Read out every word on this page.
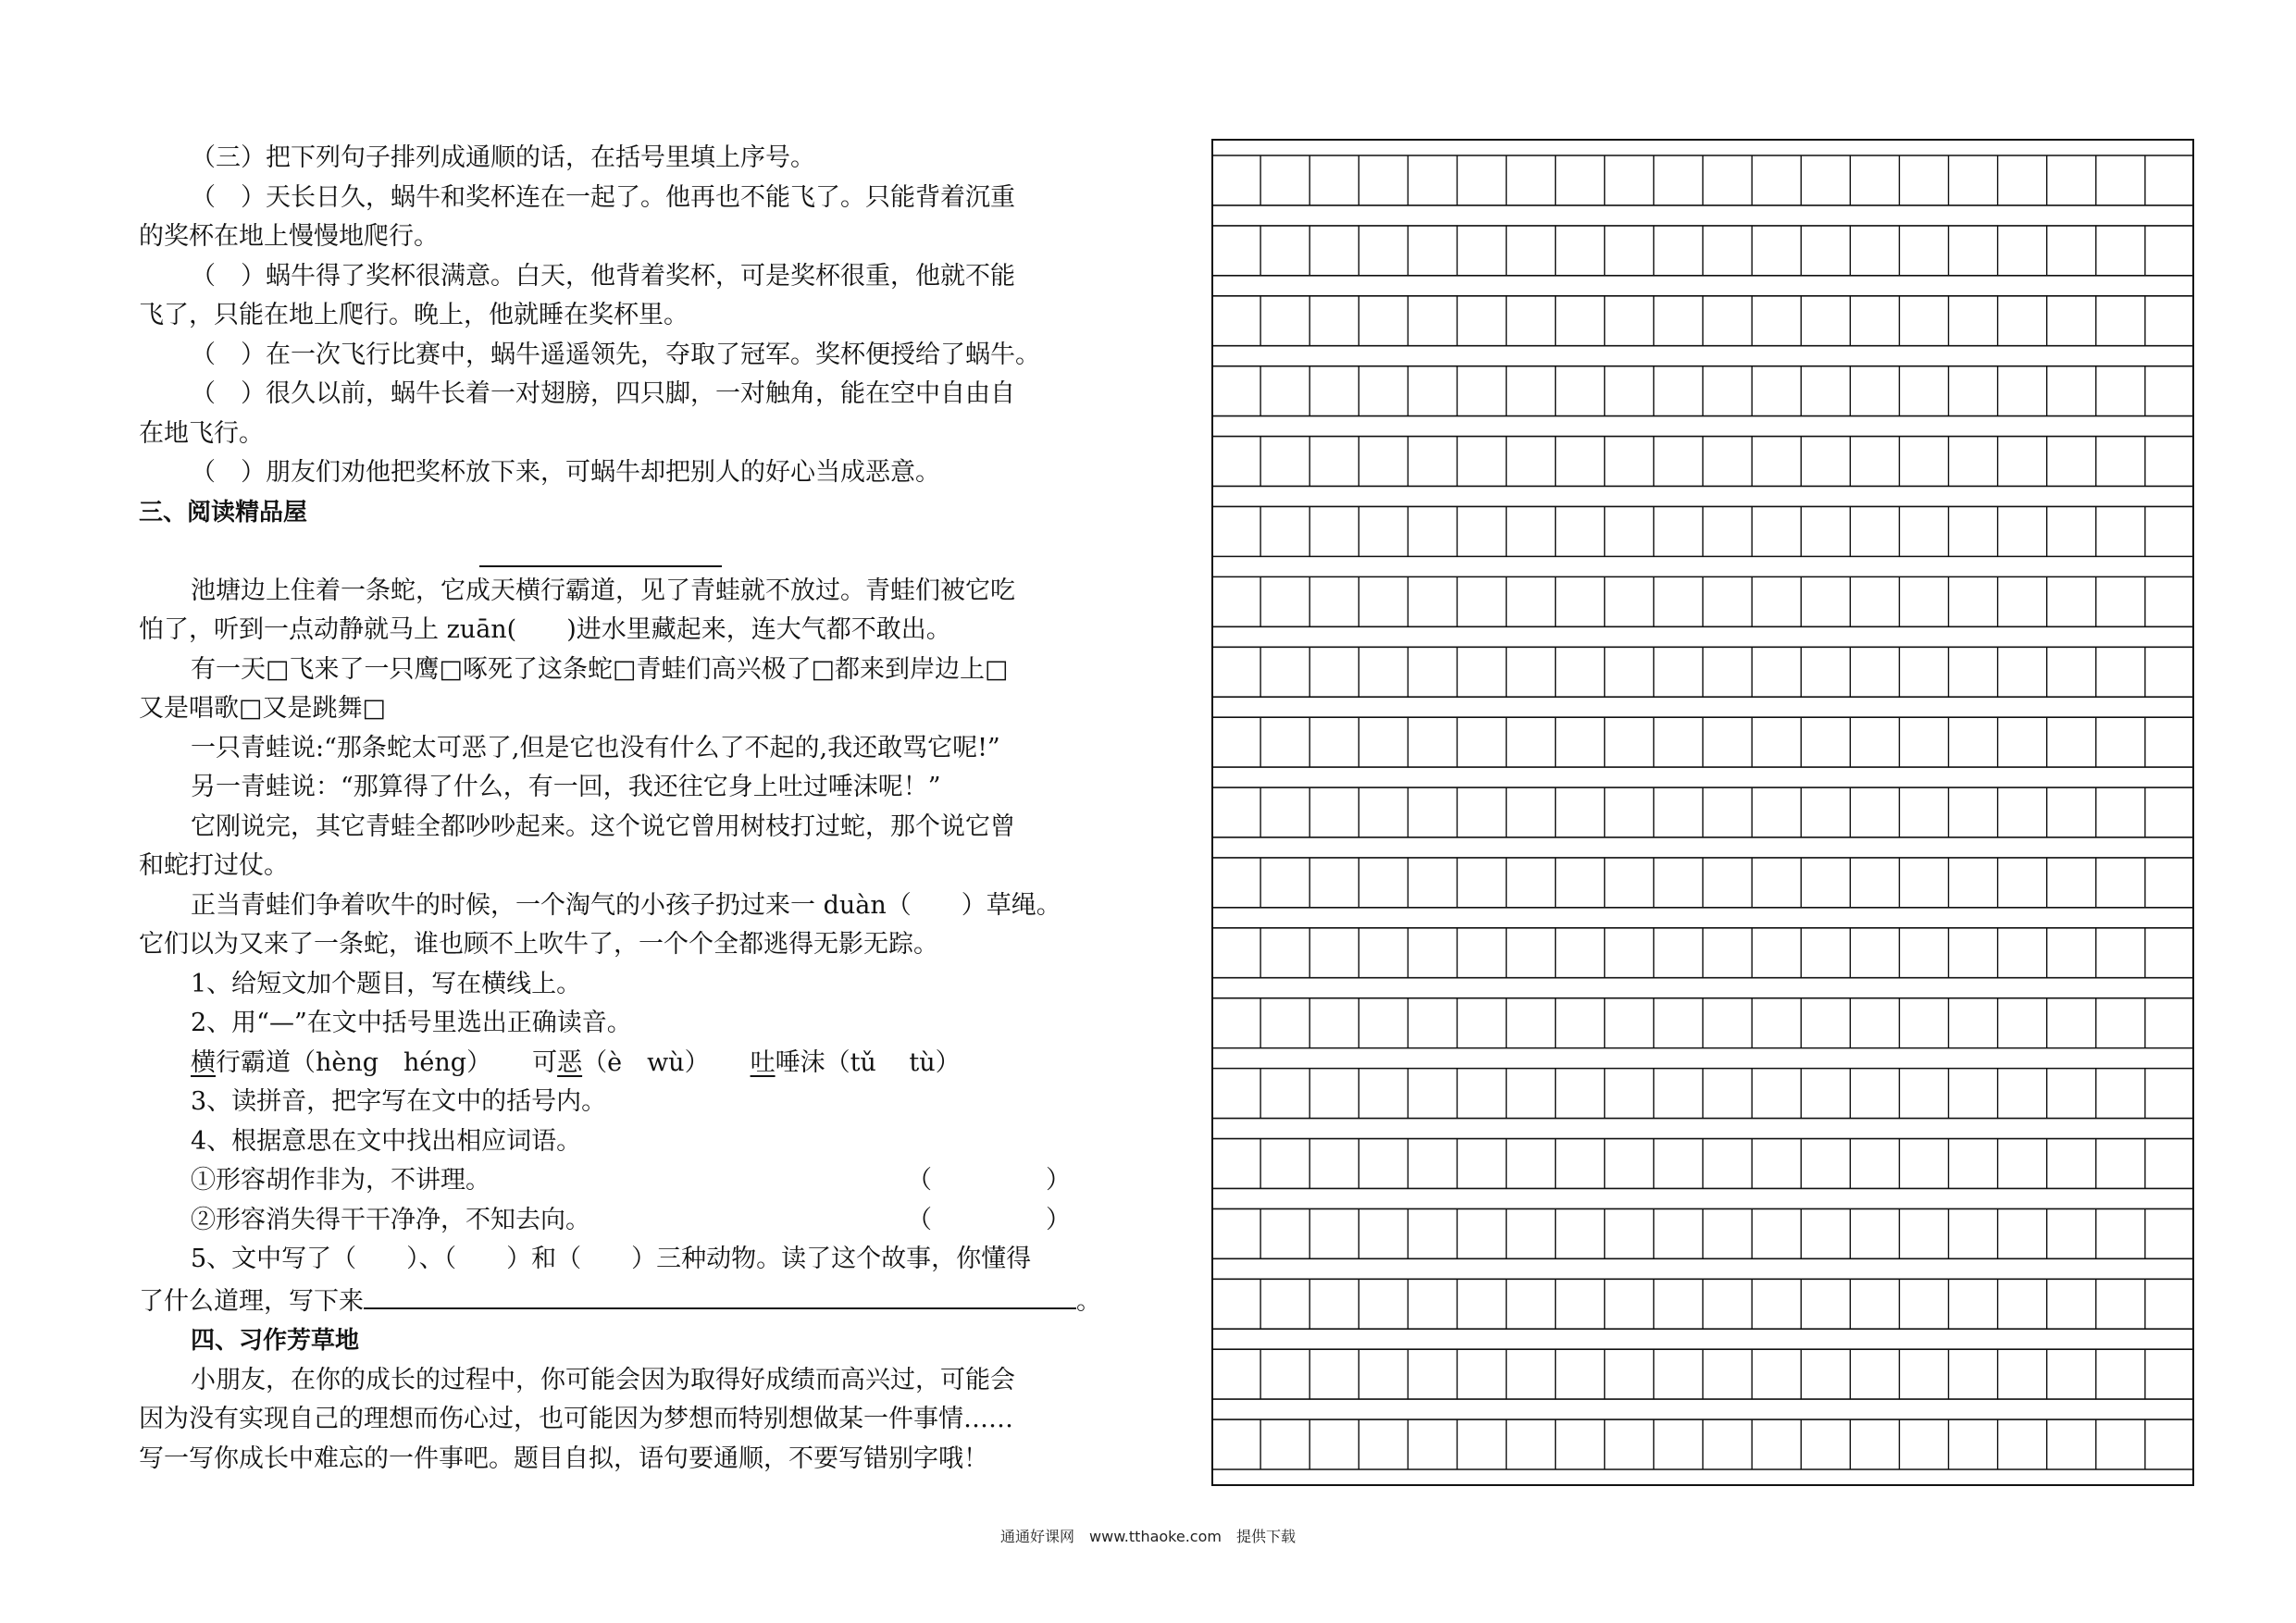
（三）把下列句子排列成通顺的话，在括号里填上序号。

（　）天长日久，蜗牛和奖杯连在一起了。他再也不能飞了。只能背着沉重

的奖杯在地上慢慢地爬行。

（　）蜗牛得了奖杯很满意。白天，他背着奖杯，可是奖杯很重，他就不能

飞了，只能在地上爬行。晚上，他就睡在奖杯里。

（　）在一次飞行比赛中，蜗牛遥遥领先，夺取了冠军。奖杯便授给了蜗牛。

（　）很久以前，蜗牛长着一对翅膀，四只脚，一对触角，能在空中自由自

在地飞行。

（　）朋友们劝他把奖杯放下来，可蜗牛却把别人的好心当成恶意。

三、阅读精品屋

池塘边上住着一条蛇，它成天横行霸道，见了青蛙就不放过。青蛙们被它吃

怕了，听到一点动静就马上 zuān(　　)进水里藏起来，连大气都不敢出。

有一天□飞来了一只鹰□啄死了这条蛇□青蛙们高兴极了□都来到岸边上□

又是唱歌□又是跳舞□

一只青蛙说:“那条蛇太可恶了,但是它也没有什么了不起的,我还敢骂它呢!”

另一青蛙说：“那算得了什么，有一回，我还往它身上吐过唾沫呢！”

它刚说完，其它青蛙全都吵吵起来。这个说它曾用树枝打过蛇，那个说它曾

和蛇打过仗。

正当青蛙们争着吹牛的时候，一个淘气的小孩子扔过来一 duàn（　　）草绳。

它们以为又来了一条蛇，谁也顾不上吹牛了，一个个全都逃得无影无踪。

1、给短文加个题目，写在横线上。

2、用“—”在文中括号里选出正确读音。

横行霸道（hèng　héng） 可恶（è　wù） 吐唾沫（tǔ　 tù）

3、读拼音，把字写在文中的括号内。

4、根据意思在文中找出相应词语。

①形容胡作非为，不讲理。	（	）

②形容消失得干干净净，不知去向。	（	）

5、文中写了（　　）、（　　）和（　　）三种动物。读了这个故事，你懂得

了什么道理，写下来	。

四、习作芳草地

小朋友，在你的成长的过程中，你可能会因为取得好成绩而高兴过，可能会

因为没有实现自己的理想而伤心过，也可能因为梦想而特别想做某一件事情……

写一写你成长中难忘的一件事吧。题目自拟，语句要通顺，不要写错别字哦！

通通好课网　www.tthaoke.com　提供下载
